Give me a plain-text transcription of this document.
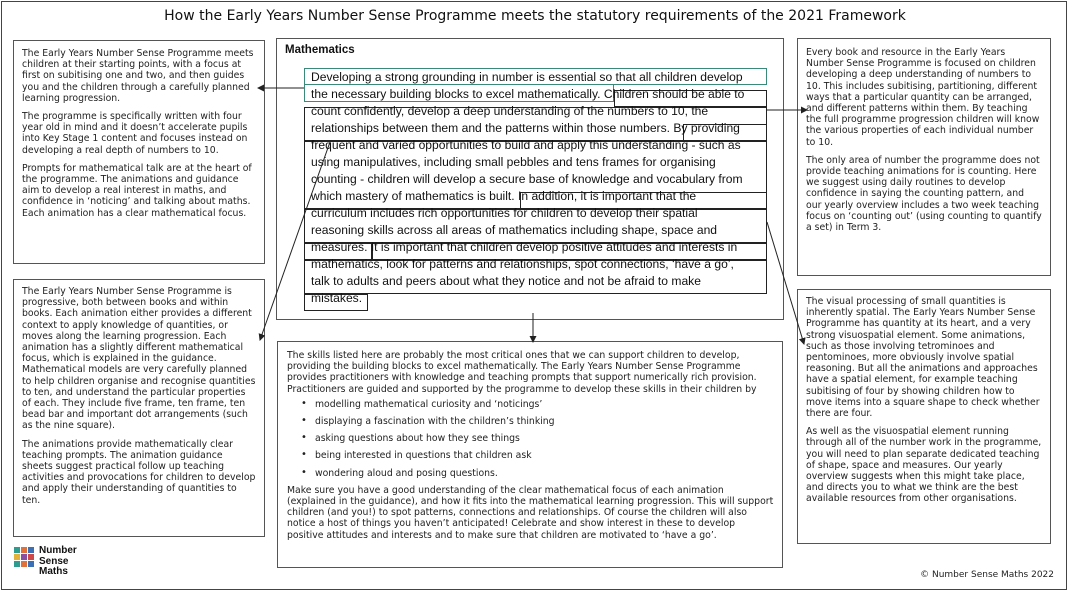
How the Early Years Number Sense Programme meets the statutory requirements of the 2021 Framework
Mathematics
Developing a strong grounding in number is essential so that all children develop
the necessary building blocks to excel mathematically. Children should be able to
count confidently, develop a deep understanding of the numbers to 10, the
relationships between them and the patterns within those numbers. By providing
frequent and varied opportunities to build and apply this understanding - such as
using manipulatives, including small pebbles and tens frames for organising
counting - children will develop a secure base of knowledge and vocabulary from
which mastery of mathematics is built. In addition, it is important that the
curriculum includes rich opportunities for children to develop their spatial
reasoning skills across all areas of mathematics including shape, space and
measures. It is important that children develop positive attitudes and interests in
mathematics, look for patterns and relationships, spot connections, ‘have a go’,
talk to adults and peers about what they notice and not be afraid to make
mistakes.

The Early Years Number Sense Programme meets children at their starting points, with a focus at first on subitising one and two, and then guides you and the children through a carefully planned learning progression.

The programme is specifically written with four year old in mind and it doesn’t accelerate pupils into Key Stage 1 content and focuses instead on developing a real depth of numbers to 10.

Prompts for mathematical talk are at the heart of the programme. The animations and guidance aim to develop a real interest in maths, and confidence in ‘noticing’ and talking about maths. Each animation has a clear mathematical focus.

The Early Years Number Sense Programme is progressive, both between books and within books. Each animation either provides a different context to apply knowledge of quantities, or moves along the learning progression. Each animation has a slightly different mathematical focus, which is explained in the guidance. Mathematical models are very carefully planned to help children organise and recognise quantities to ten, and understand the particular properties of each. They include five frame, ten frame, ten bead bar and important dot arrangements (such as the nine square).

The animations provide mathematically clear teaching prompts. The animation guidance sheets suggest practical follow up teaching activities and provocations for children to develop and apply their understanding of quantities to ten.

Every book and resource in the Early Years Number Sense Programme is focused on children developing a deep understanding of numbers to 10. This includes subitising, partitioning, different ways that a particular quantity can be arranged, and different patterns within them. By teaching the full programme progression children will know the various properties of each individual number to 10.

The only area of number the programme does not provide teaching animations for is counting. Here we suggest using daily routines to develop confidence in saying the counting pattern, and our yearly overview includes a two week teaching focus on ‘counting out’ (using counting to quantify a set) in Term 3.

The visual processing of small quantities is inherently spatial. The Early Years Number Sense Programme has quantity at its heart, and a very strong visuospatial element. Some animations, such as those involving tetrominoes and pentominoes, more obviously involve spatial reasoning. But all the animations and approaches have a spatial element, for example teaching subitising of four by showing children how to move items into a square shape to check whether there are four.

As well as the visuospatial element running through all of the number work in the programme, you will need to plan separate dedicated teaching of shape, space and measures. Our yearly overview suggests when this might take place, and directs you to what we think are the best available resources from other organisations.

The skills listed here are probably the most critical ones that we can support children to develop, providing the building blocks to excel mathematically. The Early Years Number Sense Programme provides practitioners with knowledge and teaching prompts that support numerically rich provision. Practitioners are guided and supported by the programme to develop these skills in their children by

• modelling mathematical curiosity and ‘noticings’
• displaying a fascination with the children’s thinking
• asking questions about how they see things
• being interested in questions that children ask
• wondering aloud and posing questions.

Make sure you have a good understanding of the clear mathematical focus of each animation (explained in the guidance), and how it fits into the mathematical learning progression. This will support children (and you!) to spot patterns, connections and relationships. Of course the children will also notice a host of things you haven’t anticipated! Celebrate and show interest in these to develop positive attitudes and interests and to make sure that children are motivated to ‘have a go’.

Number
Sense
Maths	© Number Sense Maths 2022
